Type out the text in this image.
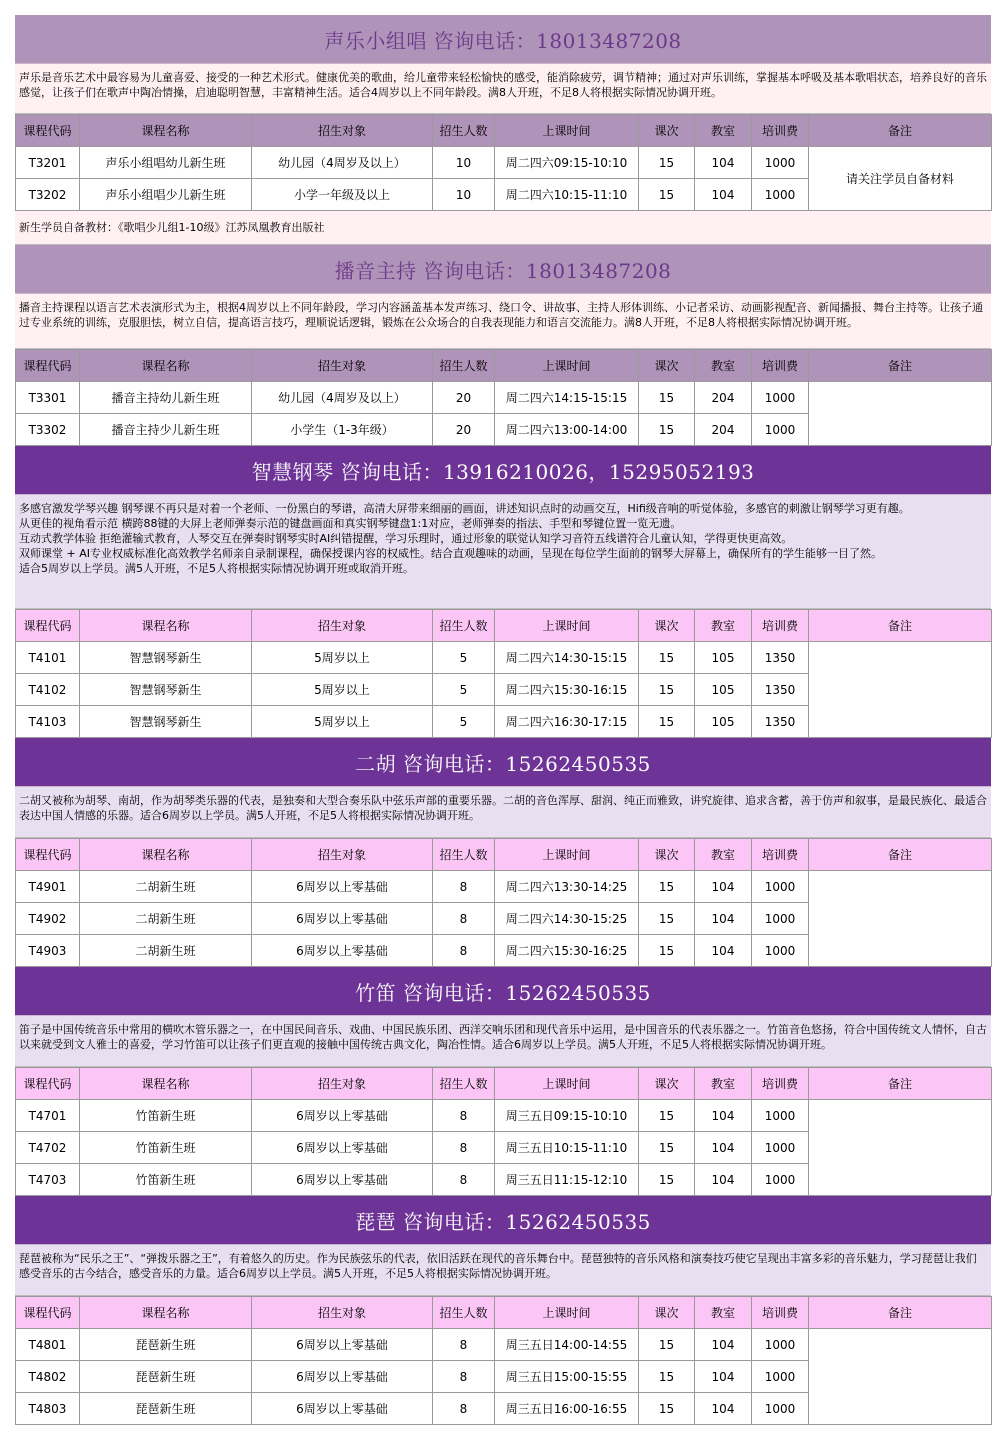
声乐小组唱 咨询电话：18013487208
声乐是音乐艺术中最容易为儿童喜爱、接受的一种艺术形式。健康优美的歌曲，给儿童带来轻松愉快的感受，能消除疲劳，调节精神；通过对声乐训练，掌握基本呼吸及基本歌唱状态，培养良好的音乐感觉，让孩子们在歌声中陶冶情操，启迪聪明智慧，丰富精神生活。适合4周岁以上不同年龄段。满8人开班，不足8人将根据实际情况协调开班。
课程代码	课程名称	招生对象	招生人数	上课时间	课次	教室	培训费	备注
T3201	声乐小组唱幼儿新生班	幼儿园（4周岁及以上）	10	周二四六09:15-10:10	15	104	1000	请关注学员自备材料
T3202	声乐小组唱少儿新生班	小学一年级及以上	10	周二四六10:15-11:10	15	104	1000	
新生学员自备教材：《歌唱少儿组1-10级》江苏凤凰教育出版社
播音主持 咨询电话：18013487208
播音主持课程以语言艺术表演形式为主，根据4周岁以上不同年龄段，学习内容涵盖基本发声练习、绕口令、讲故事、主持人形体训练、小记者采访、动画影视配音、新闻播报、舞台主持等。让孩子通过专业系统的训练，克服胆怯，树立自信，提高语言技巧，理顺说话逻辑，锻炼在公众场合的自我表现能力和语言交流能力。满8人开班，不足8人将根据实际情况协调开班。
课程代码	课程名称	招生对象	招生人数	上课时间	课次	教室	培训费	备注
T3301	播音主持幼儿新生班	幼儿园（4周岁及以上）	20	周二四六14:15-15:15	15	204	1000	
T3302	播音主持少儿新生班	小学生（1-3年级）	20	周二四六13:00-14:00	15	204	1000	
智慧钢琴 咨询电话：13916210026，15295052193
多感官激发学琴兴趣 钢琴课不再只是对着一个老师、一份黑白的琴谱，高清大屏带来细丽的画面，讲述知识点时的动画交互，Hifi级音响的听觉体验，多感官的刺激让钢琴学习更有趣。
从更佳的视角看示范 横跨88键的大屏上老师弹奏示范的键盘画面和真实钢琴键盘1:1对应，老师弹奏的指法、手型和琴键位置一览无遗。
互动式教学体验 拒绝灌输式教育，人琴交互在弹奏时钢琴实时AI纠错提醒，学习乐理时，通过形象的联觉认知学习音符五线谱符合儿童认知，学得更快更高效。
双师课堂 + AI专业权威标准化高效教学名师亲自录制课程，确保授课内容的权威性。结合直观趣味的动画，呈现在每位学生面前的钢琴大屏幕上，确保所有的学生能够一目了然。
适合5周岁以上学员。满5人开班，不足5人将根据实际情况协调开班或取消开班。
课程代码	课程名称	招生对象	招生人数	上课时间	课次	教室	培训费	备注
T4101	智慧钢琴新生	5周岁以上	5	周二四六14:30-15:15	15	105	1350	
T4102	智慧钢琴新生	5周岁以上	5	周二四六15:30-16:15	15	105	1350	
T4103	智慧钢琴新生	5周岁以上	5	周二四六16:30-17:15	15	105	1350	
二胡 咨询电话：15262450535
二胡又被称为胡琴、南胡，作为胡琴类乐器的代表，是独奏和大型合奏乐队中弦乐声部的重要乐器。二胡的音色浑厚、甜润、纯正而雅致，讲究旋律、追求含蓄，善于仿声和叙事，是最民族化、最适合表达中国人情感的乐器。适合6周岁以上学员。满5人开班，不足5人将根据实际情况协调开班。
课程代码	课程名称	招生对象	招生人数	上课时间	课次	教室	培训费	备注
T4901	二胡新生班	6周岁以上零基础	8	周二四六13:30-14:25	15	104	1000	
T4902	二胡新生班	6周岁以上零基础	8	周二四六14:30-15:25	15	104	1000	
T4903	二胡新生班	6周岁以上零基础	8	周二四六15:30-16:25	15	104	1000	
竹笛 咨询电话：15262450535
笛子是中国传统音乐中常用的横吹木管乐器之一，在中国民间音乐、戏曲、中国民族乐团、西洋交响乐团和现代音乐中运用，是中国音乐的代表乐器之一。竹笛音色悠扬，符合中国传统文人情怀，自古以来就受到文人雅士的喜爱，学习竹笛可以让孩子们更直观的接触中国传统古典文化，陶冶性情。适合6周岁以上学员。满5人开班，不足5人将根据实际情况协调开班。
课程代码	课程名称	招生对象	招生人数	上课时间	课次	教室	培训费	备注
T4701	竹笛新生班	6周岁以上零基础	8	周三五日09:15-10:10	15	104	1000	
T4702	竹笛新生班	6周岁以上零基础	8	周三五日10:15-11:10	15	104	1000	
T4703	竹笛新生班	6周岁以上零基础	8	周三五日11:15-12:10	15	104	1000	
琵琶 咨询电话：15262450535
琵琶被称为“民乐之王”、“弹拨乐器之王”，有着悠久的历史。作为民族弦乐的代表，依旧活跃在现代的音乐舞台中。琵琶独特的音乐风格和演奏技巧使它呈现出丰富多彩的音乐魅力，学习琵琶让我们感受音乐的古今结合，感受音乐的力量。适合6周岁以上学员。满5人开班，不足5人将根据实际情况协调开班。
课程代码	课程名称	招生对象	招生人数	上课时间	课次	教室	培训费	备注
T4801	琵琶新生班	6周岁以上零基础	8	周三五日14:00-14:55	15	104	1000	
T4802	琵琶新生班	6周岁以上零基础	8	周三五日15:00-15:55	15	104	1000	
T4803	琵琶新生班	6周岁以上零基础	8	周三五日16:00-16:55	15	104	1000	
